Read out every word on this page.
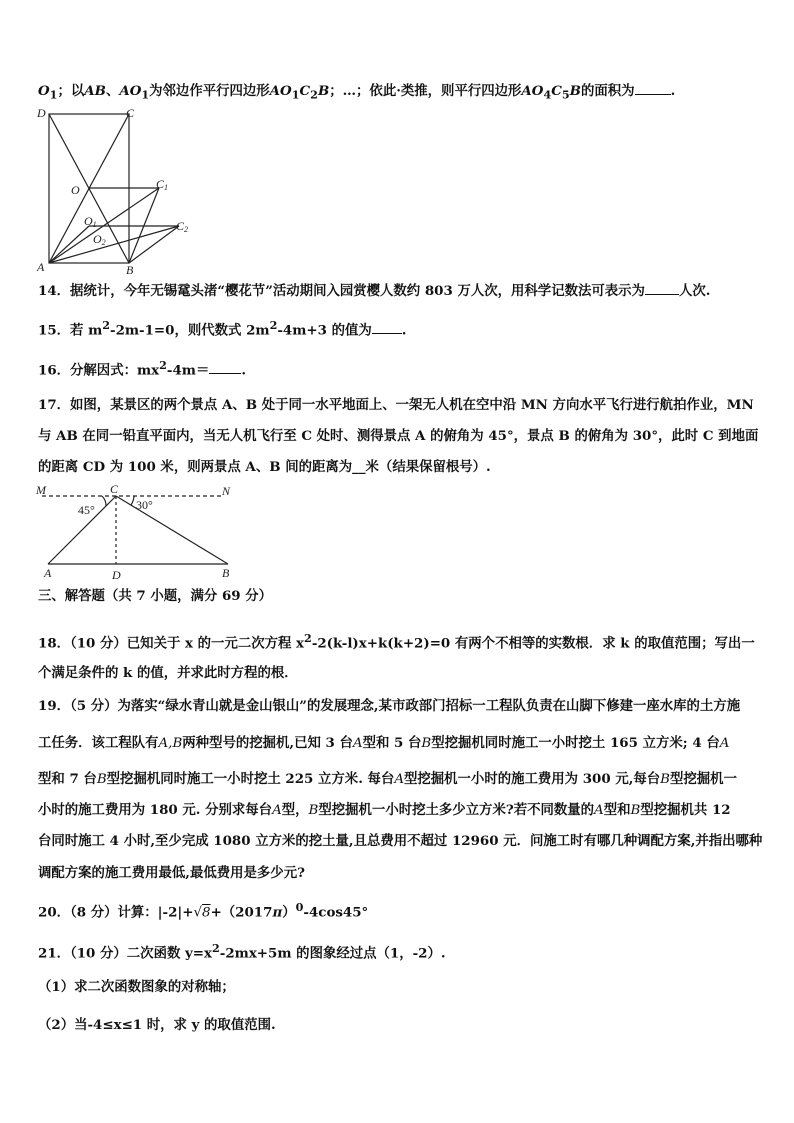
$O_1$；以AB、$AO_1$为邻边作平行四边形$AO_1C_2B$；…；依此·类推，则平行四边形$AO_4C_5B$的面积为	.
D	C
O	C1
O1	C2
O2
A	B
14．据统计，今年无锡鼋头渚“樱花节”活动期间入园赏樱人数约 803 万人次，用科学记数法可表示为	人次.
15．若 $m^2-2m-1=0$，则代数式 $2m^2-4m+3$ 的值为 .
16．分解因式：$mx^2-4m=$ .
17．如图，某景区的两个景点 A、B 处于同一水平地面上、一架无人机在空中沿 MN 方向水平飞行进行航拍作业，MN
与 AB 在同一铅直平面内，当无人机飞行至 C 处时、测得景点 A 的俯角为 45°，景点 B 的俯角为 30°，此时 C 到地面
的距离 CD 为 100 米，则两景点 A、B 间的距离为__米（结果保留根号）.
M	C	N
45°	30°
A	D	B
三、解答题（共 7 小题，满分 69 分）
18．（10 分）已知关于 x 的一元二次方程 $x^2-2(k-l)x+k(k+2)=0$ 有两个不相等的实数根．求 k 的取值范围；写出一
个满足条件的 k 的值，并求此时方程的根．
19．（5 分）为落实“绿水青山就是金山银山”的发展理念,某市政部门招标一工程队负责在山脚下修建一座水库的土方施
工任务．该工程队有A,B两种型号的挖掘机,已知 3 台A型和 5 台B型挖掘机同时施工一小时挖土 165 立方米; 4 台A
型和 7 台B型挖掘机同时施工一小时挖土 225 立方米. 每台A型挖掘机一小时的施工费用为 300 元,每台B型挖掘机一
小时的施工费用为 180 元. 分别求每台A型，B型挖掘机一小时挖土多少立方米?若不同数量的A型和B型挖掘机共 12
台同时施工 4 小时,至少完成 1080 立方米的挖土量,且总费用不超过 12960 元．问施工时有哪几种调配方案,并指出哪种
调配方案的施工费用最低,最低费用是多少元?
20．（8 分）计算：$|-2|+√8+(2017\pi)^0-4\cos 45^\circ$
21．（10 分）二次函数 $y=x^2-2mx+5m$ 的图象经过点（1，-2）.
（1）求二次函数图象的对称轴；
（2）当-4≤x≤1 时，求 y 的取值范围.
